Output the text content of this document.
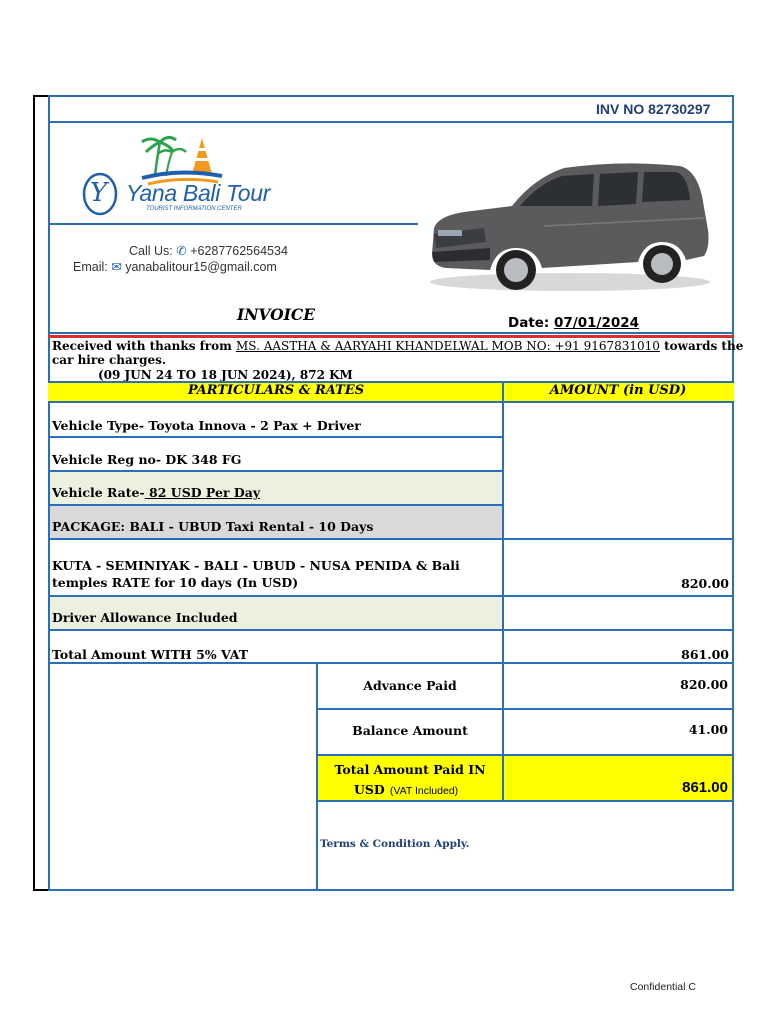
INV NO 82730297
Y Yana Bali Tour
TOURIST INFORMATION CENTER
Call Us: ✆ +6287762564534
Email: ✉ yanabalitour15@gmail.com
INVOICE	Date: 07/01/2024
Received with thanks from MS. AASTHA & AARYAHI KHANDELWAL MOB NO: +91 9167831010 towards the
car hire charges.
(09 JUN 24 TO 18 JUN 2024), 872 KM
PARTICULARS & RATES	AMOUNT (in USD)
Vehicle Type- Toyota Innova - 2 Pax + Driver
Vehicle Reg no- DK 348 FG
Vehicle Rate- 82 USD Per Day
PACKAGE: BALI - UBUD Taxi Rental - 10 Days
KUTA - SEMINIYAK - BALI - UBUD - NUSA PENIDA & Bali
temples RATE for 10 days (In USD)	820.00
Driver Allowance Included
Total Amount WITH 5% VAT	861.00
Advance Paid	820.00
Balance Amount	41.00
Total Amount Paid IN
USD (VAT Included)	861.00
Terms & Condition Apply.
Confidential C
